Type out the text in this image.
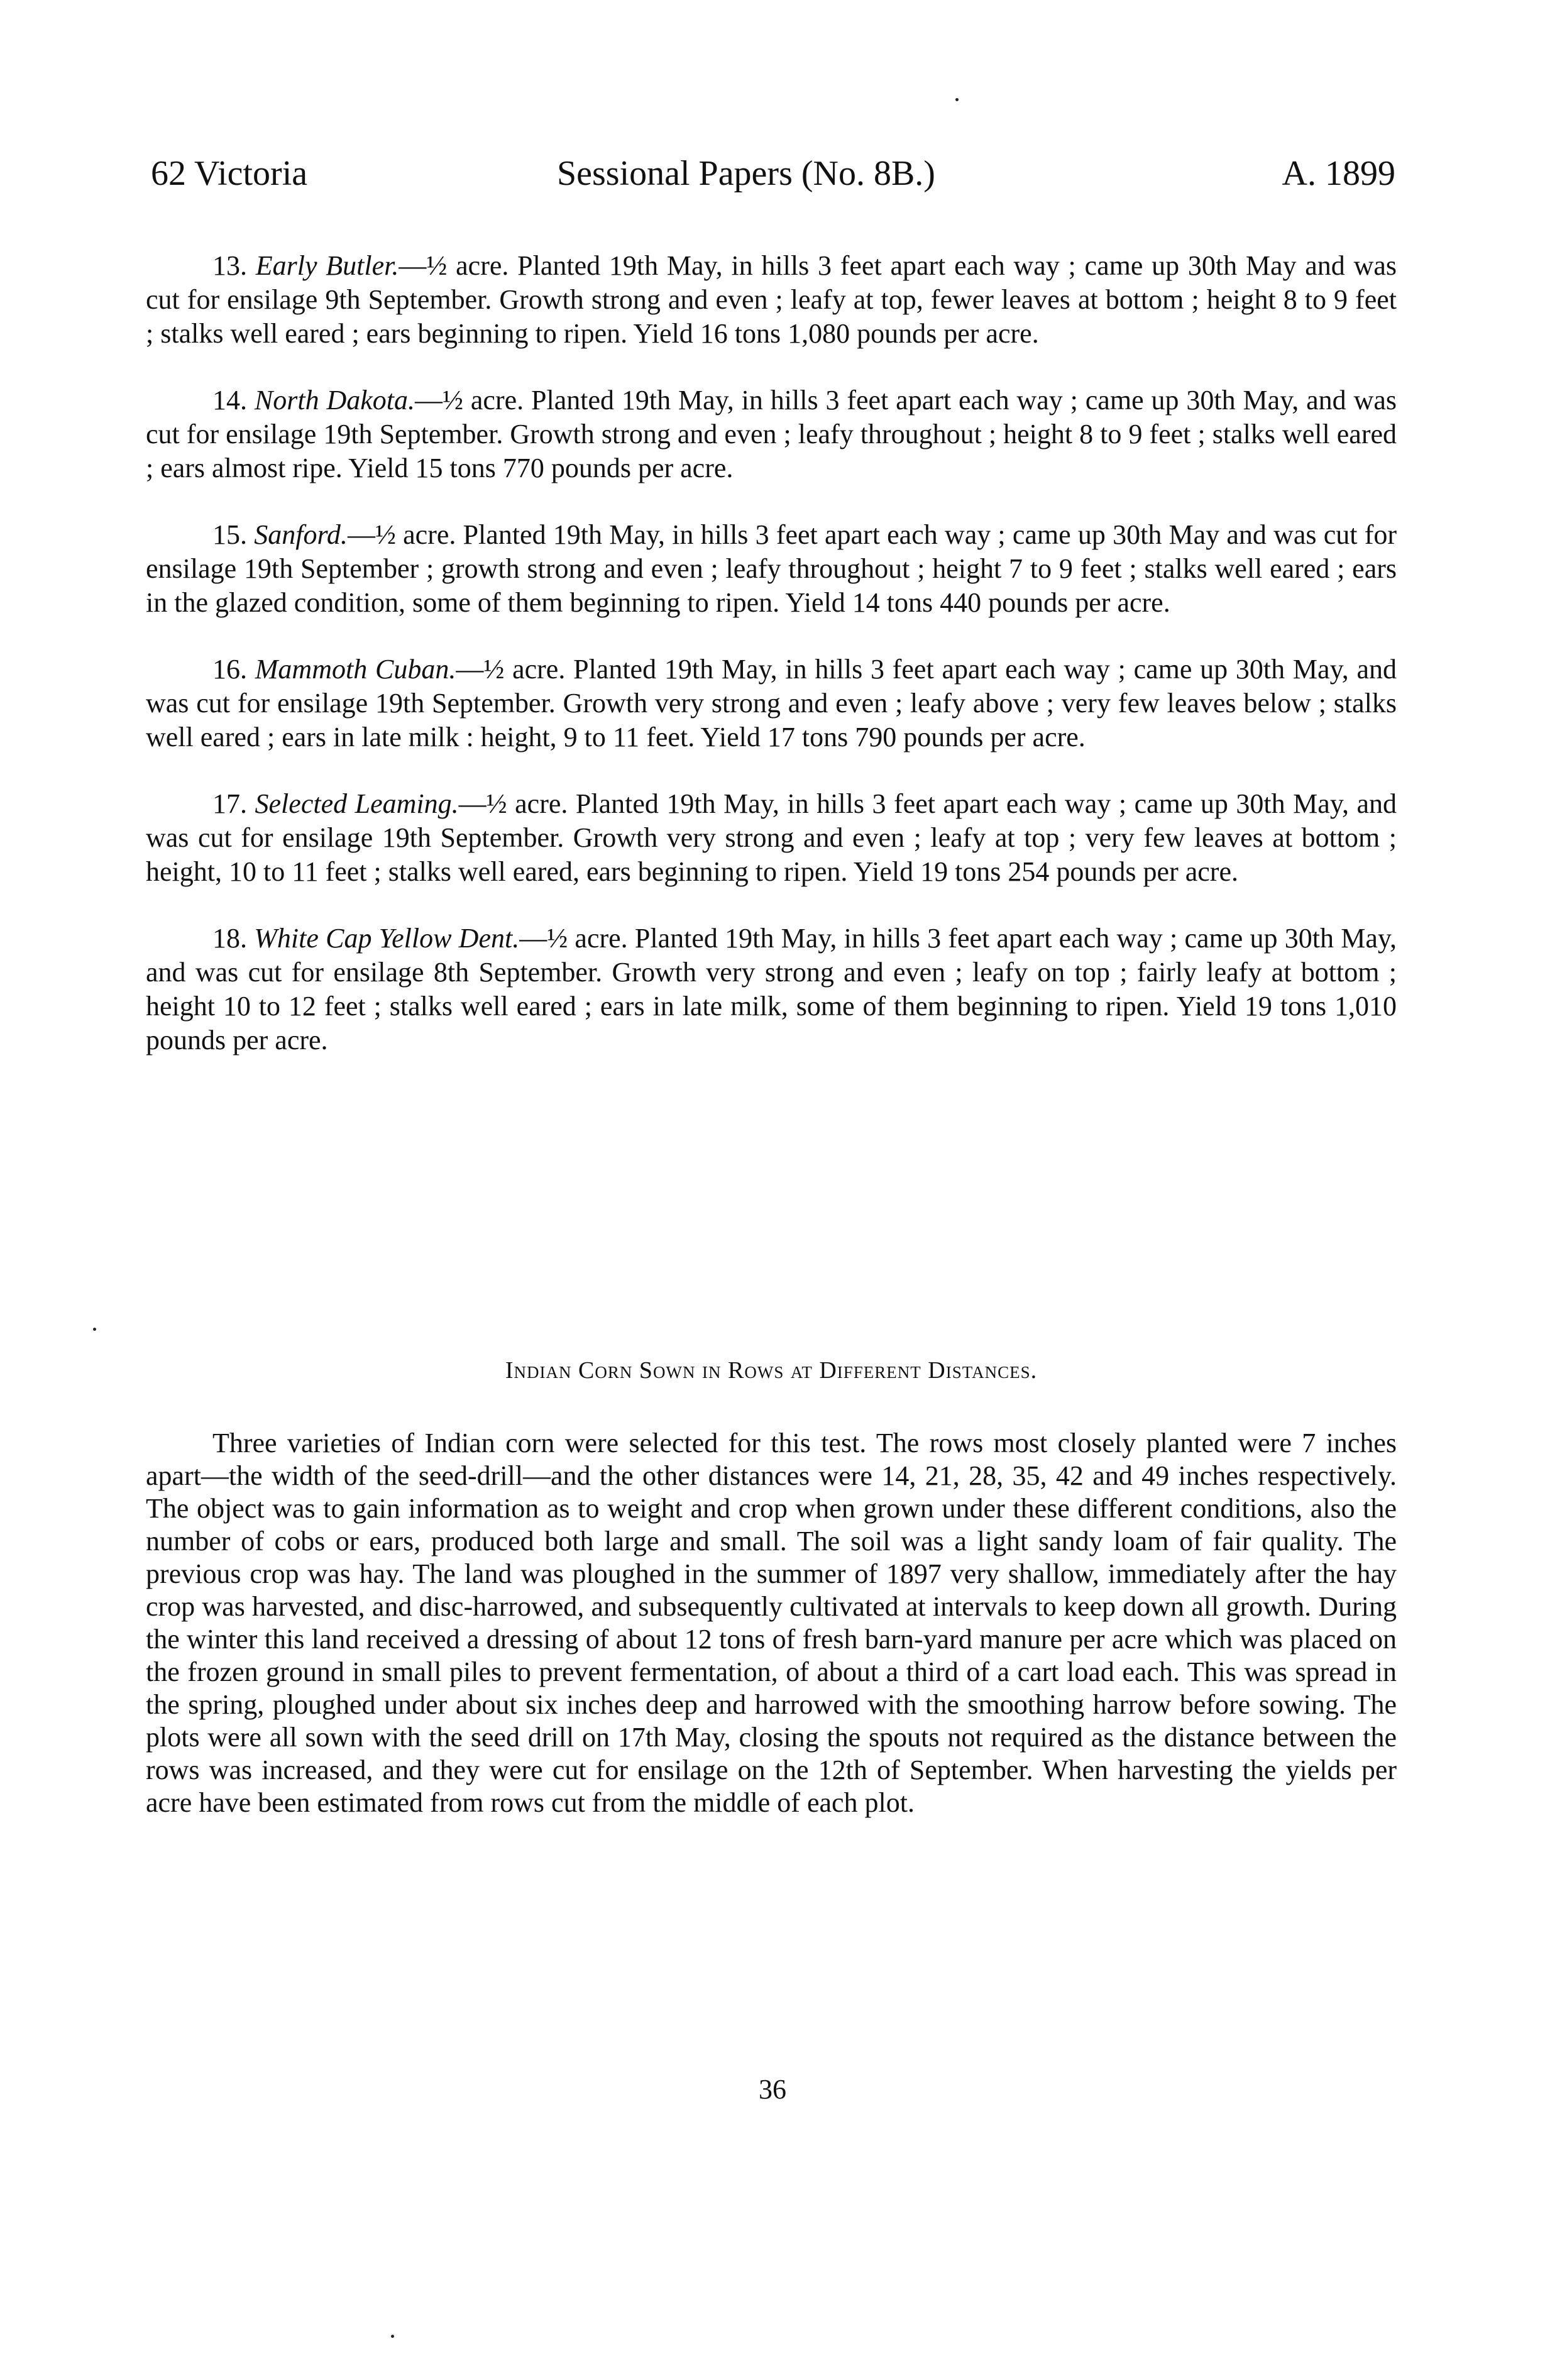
62 Victoria	Sessional Papers (No. 8B.)	A. 1899

13. Early Butler.—½ acre. Planted 19th May, in hills 3 feet apart each way ; came up 30th May and was cut for ensilage 9th September. Growth strong and even ; leafy at top, fewer leaves at bottom ; height 8 to 9 feet ; stalks well eared ; ears beginning to ripen. Yield 16 tons 1,080 pounds per acre.

14. North Dakota.—½ acre. Planted 19th May, in hills 3 feet apart each way ; came up 30th May, and was cut for ensilage 19th September. Growth strong and even ; leafy throughout ; height 8 to 9 feet ; stalks well eared ; ears almost ripe. Yield 15 tons 770 pounds per acre.

15. Sanford.—½ acre. Planted 19th May, in hills 3 feet apart each way ; came up 30th May and was cut for ensilage 19th September ; growth strong and even ; leafy throughout ; height 7 to 9 feet ; stalks well eared ; ears in the glazed condition, some of them beginning to ripen. Yield 14 tons 440 pounds per acre.

16. Mammoth Cuban.—½ acre. Planted 19th May, in hills 3 feet apart each way ; came up 30th May, and was cut for ensilage 19th September. Growth very strong and even ; leafy above ; very few leaves below ; stalks well eared ; ears in late milk : height, 9 to 11 feet. Yield 17 tons 790 pounds per acre.

17. Selected Leaming.—½ acre. Planted 19th May, in hills 3 feet apart each way ; came up 30th May, and was cut for ensilage 19th September. Growth very strong and even ; leafy at top ; very few leaves at bottom ; height, 10 to 11 feet ; stalks well eared, ears beginning to ripen. Yield 19 tons 254 pounds per acre.

18. White Cap Yellow Dent.—½ acre. Planted 19th May, in hills 3 feet apart each way ; came up 30th May, and was cut for ensilage 8th September. Growth very strong and even ; leafy on top ; fairly leafy at bottom ; height 10 to 12 feet ; stalks well eared ; ears in late milk, some of them beginning to ripen. Yield 19 tons 1,010 pounds per acre.

Indian Corn Sown in Rows at Different Distances.

Three varieties of Indian corn were selected for this test. The rows most closely planted were 7 inches apart—the width of the seed-drill—and the other distances were 14, 21, 28, 35, 42 and 49 inches respectively. The object was to gain information as to weight and crop when grown under these different conditions, also the number of cobs or ears, produced both large and small. The soil was a light sandy loam of fair quality. The previous crop was hay. The land was ploughed in the summer of 1897 very shallow, immediately after the hay crop was harvested, and disc-harrowed, and subsequently cultivated at intervals to keep down all growth. During the winter this land received a dressing of about 12 tons of fresh barn-yard manure per acre which was placed on the frozen ground in small piles to prevent fermentation, of about a third of a cart load each. This was spread in the spring, ploughed under about six inches deep and harrowed with the smoothing harrow before sowing. The plots were all sown with the seed drill on 17th May, closing the spouts not required as the distance between the rows was increased, and they were cut for ensilage on the 12th of September. When harvesting the yields per acre have been estimated from rows cut from the middle of each plot.

36
